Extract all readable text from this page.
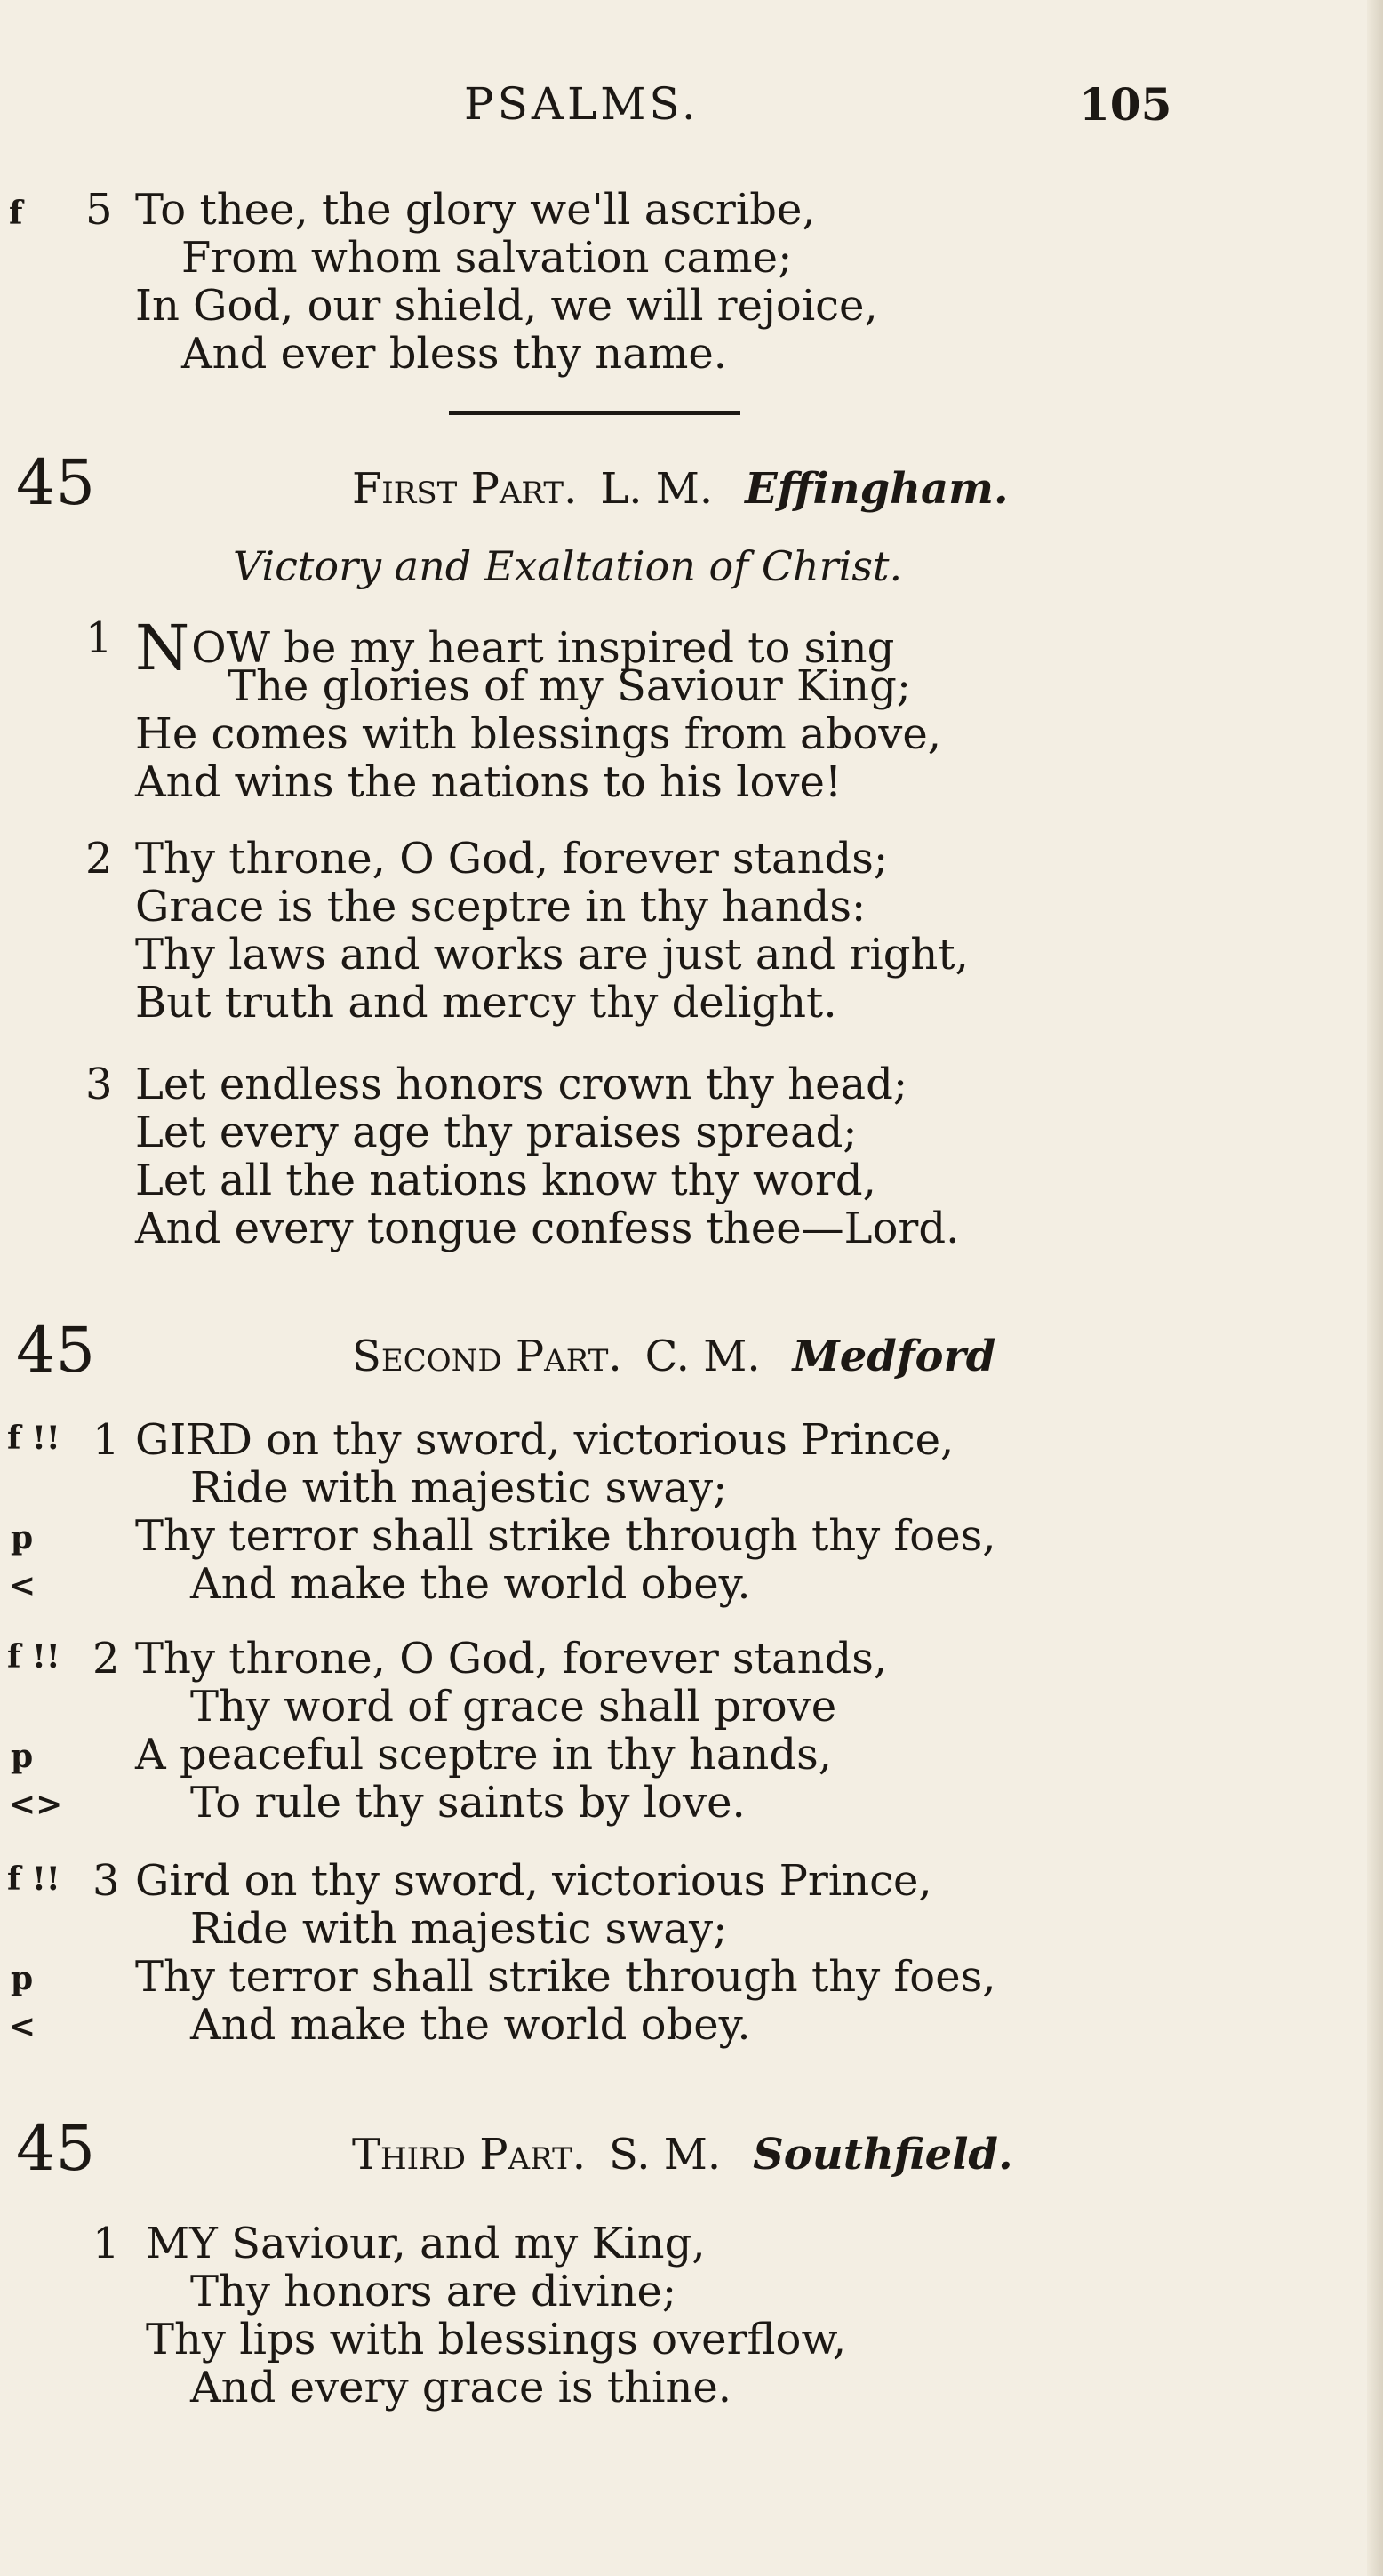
PSALMS.	105
f 5 To thee, the glory we'll ascribe,
From whom salvation came;
In God, our shield, we will rejoice,
And ever bless thy name.
45	First Part. L. M. Effingham.
Victory and Exaltation of Christ.
1 NOW be my heart inspired to sing
The glories of my Saviour King;
He comes with blessings from above,
And wins the nations to his love!
2 Thy throne, O God, forever stands;
Grace is the sceptre in thy hands:
Thy laws and works are just and right,
But truth and mercy thy delight.
3 Let endless honors crown thy head;
Let every age thy praises spread;
Let all the nations know thy word,
And every tongue confess thee—Lord.
45	Second Part. C. M. Medford
f !! 1 GIRD on thy sword, victorious Prince,
Ride with majestic sway;
p Thy terror shall strike through thy foes,
<	And make the world obey.
f !! 2 Thy throne, O God, forever stands,
Thy word of grace shall prove
p A peaceful sceptre in thy hands,
<>	To rule thy saints by love.
f !! 3 Gird on thy sword, victorious Prince,
Ride with majestic sway;
p Thy terror shall strike through thy foes,
<	And make the world obey.
45	Third Part. S. M. Southfield.
1 MY Saviour, and my King,
Thy honors are divine;
Thy lips with blessings overflow,
And every grace is thine.
